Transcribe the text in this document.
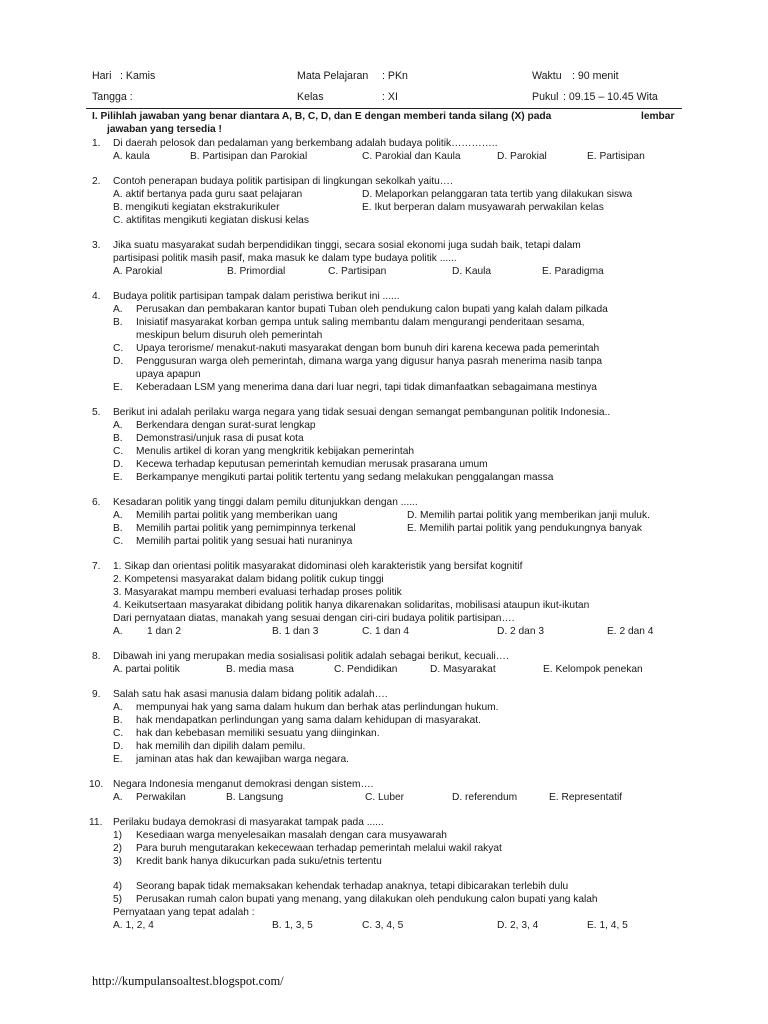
Hari : Kamis	Mata Pelajaran : PKn	Waktu : 90 menit
Tangga :	Kelas	: XI	Pukul : 09.15 – 10.45 Wita
I. Pilihlah jawaban yang benar diantara A, B, C, D, dan E dengan memberi tanda silang (X) pada	lembar
jawaban yang tersedia !
1. Di daerah pelosok dan pedalaman yang berkembang adalah budaya politik…………..
A. kaula	B. Partisipan dan Parokial	C. Parokial dan Kaula	D. Parokial	E. Partisipan
2. Contoh penerapan budaya politik partisipan di lingkungan sekolkah yaitu….
A. aktif bertanya pada guru saat pelajaran	D. Melaporkan pelanggaran tata tertib yang dilakukan siswa
B. mengikuti kegiatan ekstrakurikuler	E. Ikut berperan dalam musyawarah perwakilan kelas
C. aktifitas mengikuti kegiatan diskusi kelas
3. Jika suatu masyarakat sudah berpendidikan tinggi, secara sosial ekonomi juga sudah baik, tetapi dalam
partisipasi politik masih pasif, maka masuk ke dalam type budaya politik ......
A. Parokial	B. Primordial	C. Partisipan	D. Kaula	E. Paradigma
4. Budaya politik partisipan tampak dalam peristiwa berikut ini ......
A. Perusakan dan pembakaran kantor bupati Tuban oleh pendukung calon bupati yang kalah dalam pilkada
B. Inisiatif masyarakat korban gempa untuk saling membantu dalam mengurangi penderitaan sesama,
meskipun belum disuruh oleh pemerintah
C. Upaya terorisme/ menakut-nakuti masyarakat dengan bom bunuh diri karena kecewa pada pemerintah
D. Penggusuran warga oleh pemerintah, dimana warga yang digusur hanya pasrah menerima nasib tanpa
upaya apapun
E. Keberadaan LSM yang menerima dana dari luar negri, tapi tidak dimanfaatkan sebagaimana mestinya
5. Berikut ini adalah perilaku warga negara yang tidak sesuai dengan semangat pembangunan politik Indonesia..
A. Berkendara dengan surat-surat lengkap
B. Demonstrasi/unjuk rasa di pusat kota
C. Menulis artikel di koran yang mengkritik kebijakan pemerintah
D. Kecewa terhadap keputusan pemerintah kemudian merusak prasarana umum
E. Berkampanye mengikuti partai politik tertentu yang sedang melakukan penggalangan massa
6. Kesadaran politik yang tinggi dalam pemilu ditunjukkan dengan ......
A. Memilih partai politik yang memberikan uang	D. Memilih partai politik yang memberikan janji muluk.
B. Memilih partai politik yang pemimpinnya terkenal	E. Memilih partai politik yang pendukungnya banyak
C. Memilih partai politik yang sesuai hati nuraninya
7. 1. Sikap dan orientasi politik masyarakat didominasi oleh karakteristik yang bersifat kognitif
2. Kompetensi masyarakat dalam bidang politik cukup tinggi
3. Masyarakat mampu memberi evaluasi terhadap proses politik
4. Keikutsertaan masyarakat dibidang politik hanya dikarenakan solidaritas, mobilisasi ataupun ikut-ikutan
Dari pernyataan diatas, manakah yang sesuai dengan ciri-ciri budaya politik partisipan….
A. 1 dan 2	B. 1 dan 3	C. 1 dan 4	D. 2 dan 3	E. 2 dan 4
8. Dibawah ini yang merupakan media sosialisasi politik adalah sebagai berikut, kecuali….
A. partai politik	B. media masa	C. Pendidikan	D. Masyarakat	E. Kelompok penekan
9. Salah satu hak asasi manusia dalam bidang politik adalah….
A. mempunyai hak yang sama dalam hukum dan berhak atas perlindungan hukum.
B. hak mendapatkan perlindungan yang sama dalam kehidupan di masyarakat.
C. hak dan kebebasan memiliki sesuatu yang diinginkan.
D. hak memilih dan dipilih dalam pemilu.
E. jaminan atas hak dan kewajiban warga negara.
10. Negara Indonesia menganut demokrasi dengan sistem….
A. Perwakilan	B. Langsung	C. Luber	D. referendum	E. Representatif
11. Perilaku budaya demokrasi di masyarakat tampak pada ......
1) Kesediaan warga menyelesaikan masalah dengan cara musyawarah
2) Para buruh mengutarakan kekecewaan terhadap pemerintah melalui wakil rakyat
3) Kredit bank hanya dikucurkan pada suku/etnis tertentu
4) Seorang bapak tidak memaksakan kehendak terhadap anaknya, tetapi dibicarakan terlebih dulu
5) Perusakan rumah calon bupati yang menang, yang dilakukan oleh pendukung calon bupati yang kalah
Pernyataan yang tepat adalah :
A. 1, 2, 4	B. 1, 3, 5	C. 3, 4, 5	D. 2, 3, 4	E. 1, 4, 5
http://kumpulansoaltest.blogspot.com/
